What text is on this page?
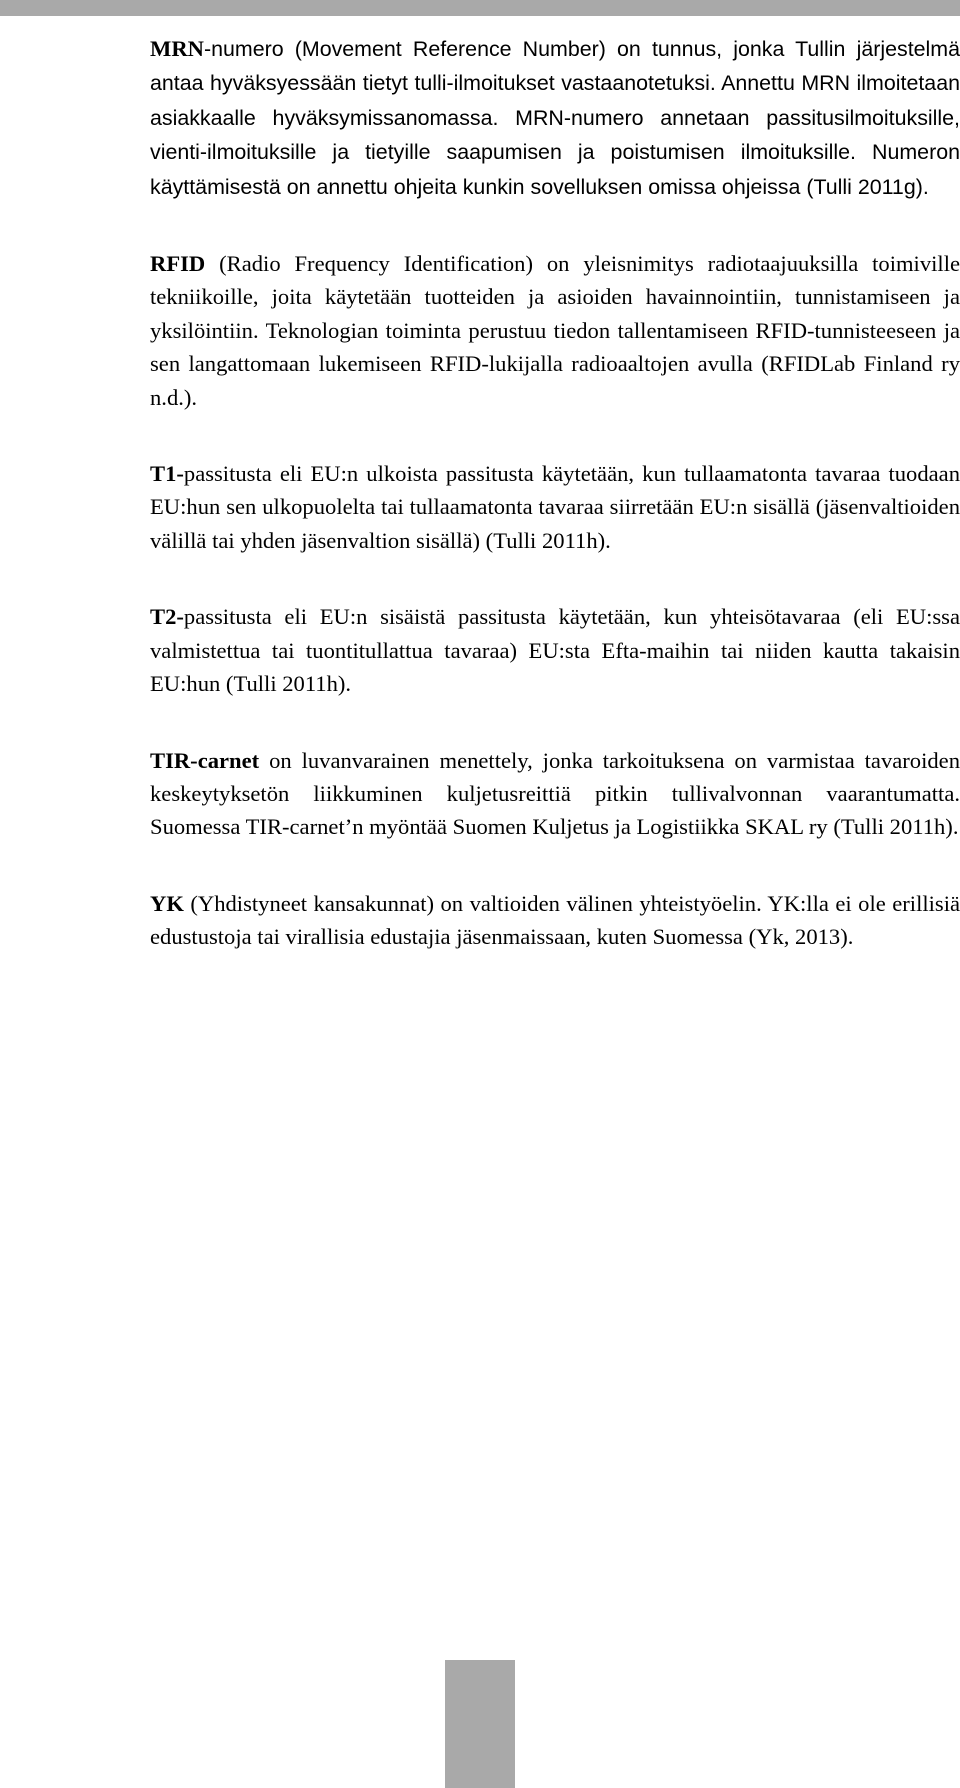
MRN-numero (Movement Reference Number) on tunnus, jonka Tullin järjestelmä antaa hyväksyessään tietyt tulli-ilmoitukset vastaanotetuksi. Annettu MRN ilmoitetaan asiakkaalle hyväksymissanomassa. MRN-numero annetaan passitusilmoituksille, vienti-ilmoituksille ja tietyille saapumisen ja poistumisen ilmoituksille. Numeron käyttämisestä on annettu ohjeita kunkin sovelluksen omissa ohjeissa (Tulli 2011g).

RFID (Radio Frequency Identification) on yleisnimitys radiotaajuuksilla toimiville tekniikoille, joita käytetään tuotteiden ja asioiden havainnointiin, tunnistamiseen ja yksilöintiin. Teknologian toiminta perustuu tiedon tallentamiseen RFID-tunnisteeseen ja sen langattomaan lukemiseen RFID-lukijalla radioaaltojen avulla (RFIDLab Finland ry n.d.).

T1-passitusta eli EU:n ulkoista passitusta käytetään, kun tullaamatonta tavaraa tuodaan EU:hun sen ulkopuolelta tai tullaamatonta tavaraa siirretään EU:n sisällä (jäsenvaltioiden välillä tai yhden jäsenvaltion sisällä) (Tulli 2011h).

T2-passitusta eli EU:n sisäistä passitusta käytetään, kun yhteisötavaraa (eli EU:ssa valmistettua tai tuontitullattua tavaraa) EU:sta Efta-maihin tai niiden kautta takaisin EU:hun (Tulli 2011h).

TIR-carnet on luvanvarainen menettely, jonka tarkoituksena on varmistaa tavaroiden keskeytyksetön liikkuminen kuljetusreittiä pitkin tullivalvonnan vaarantumatta. Suomessa TIR-carnet’n myöntää Suomen Kuljetus ja Logistiikka SKAL ry (Tulli 2011h).

YK (Yhdistyneet kansakunnat) on valtioiden välinen yhteistyöelin. YK:lla ei ole erillisiä edustustoja tai virallisia edustajia jäsenmaissaan, kuten Suomessa (Yk, 2013).
